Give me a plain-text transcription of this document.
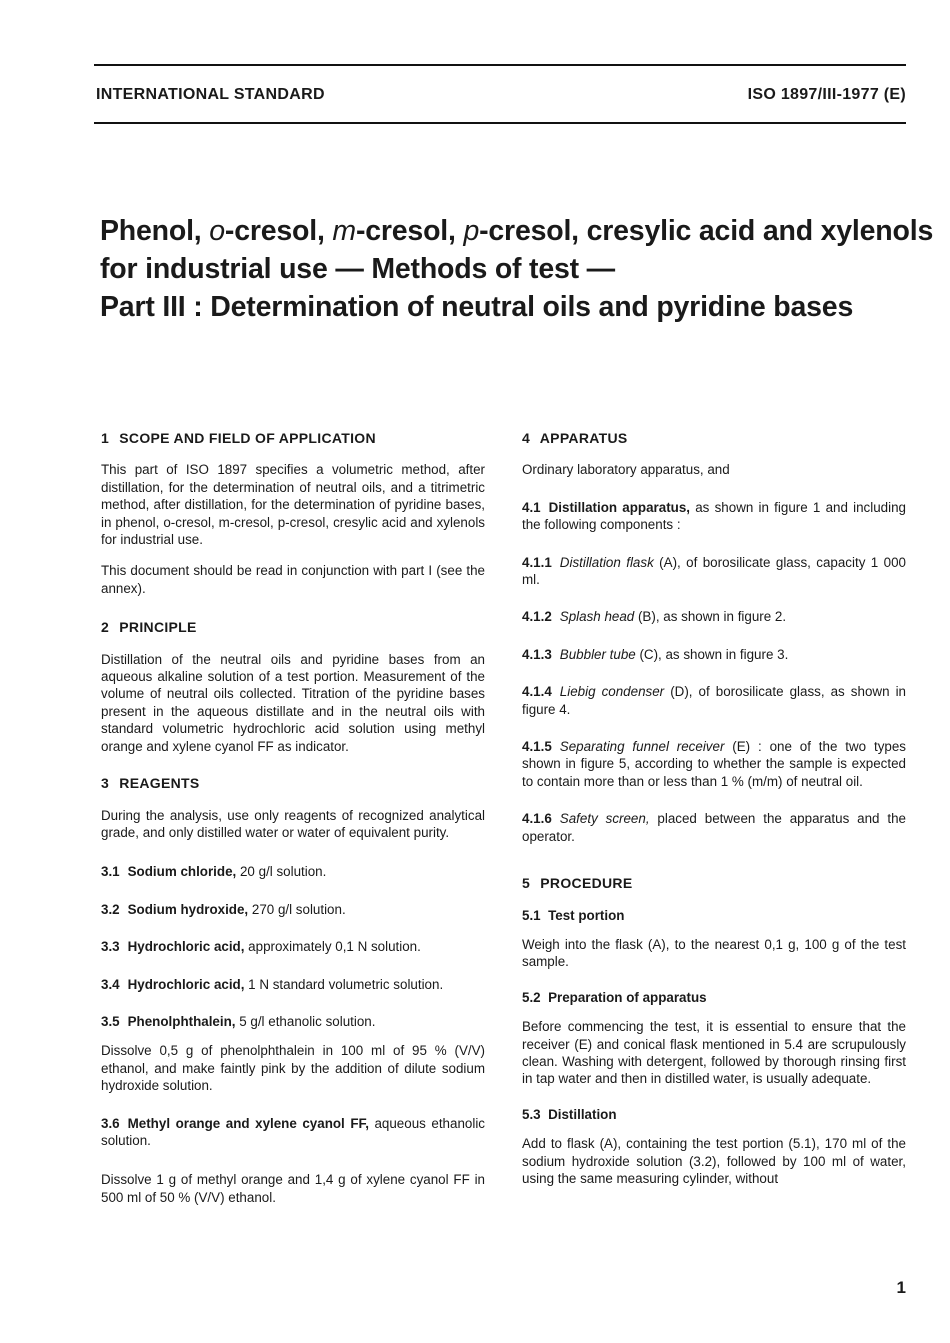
INTERNATIONAL STANDARD	ISO 1897/III-1977 (E)
Phenol, o-cresol, m-cresol, p-cresol, cresylic acid and xylenols
for industrial use — Methods of test —
Part III : Determination of neutral oils and pyridine bases
1 SCOPE AND FIELD OF APPLICATION

This part of ISO 1897 specifies a volumetric method, after distillation, for the determination of neutral oils, and a titrimetric method, after distillation, for the determination of pyridine bases, in phenol, o-cresol, m-cresol, p-cresol, cresylic acid and xylenols for industrial use.

This document should be read in conjunction with part I (see the annex).

2 PRINCIPLE

Distillation of the neutral oils and pyridine bases from an aqueous alkaline solution of a test portion. Measurement of the volume of neutral oils collected. Titration of the pyridine bases present in the aqueous distillate and in the neutral oils with standard volumetric hydrochloric acid solution using methyl orange and xylene cyanol FF as indicator.

3 REAGENTS

During the analysis, use only reagents of recognized analytical grade, and only distilled water or water of equivalent purity.

3.1 Sodium chloride, 20 g/l solution.
3.2 Sodium hydroxide, 270 g/l solution.
3.3 Hydrochloric acid, approximately 0,1 N solution.
3.4 Hydrochloric acid, 1 N standard volumetric solution.
3.5 Phenolphthalein, 5 g/l ethanolic solution.

Dissolve 0,5 g of phenolphthalein in 100 ml of 95 % (V/V) ethanol, and make faintly pink by the addition of dilute sodium hydroxide solution.

3.6 Methyl orange and xylene cyanol FF, aqueous ethanolic solution.

Dissolve 1 g of methyl orange and 1,4 g of xylene cyanol FF in 500 ml of 50 % (V/V) ethanol.

4 APPARATUS

Ordinary laboratory apparatus, and

4.1 Distillation apparatus, as shown in figure 1 and including the following components :
4.1.1 Distillation flask (A), of borosilicate glass, capacity 1 000 ml.
4.1.2 Splash head (B), as shown in figure 2.
4.1.3 Bubbler tube (C), as shown in figure 3.
4.1.4 Liebig condenser (D), of borosilicate glass, as shown in figure 4.
4.1.5 Separating funnel receiver (E) : one of the two types shown in figure 5, according to whether the sample is expected to contain more than or less than 1 % (m/m) of neutral oil.
4.1.6 Safety screen, placed between the apparatus and the operator.
5 PROCEDURE
5.1 Test portion

Weigh into the flask (A), to the nearest 0,1 g, 100 g of the test sample.

5.2 Preparation of apparatus

Before commencing the test, it is essential to ensure that the receiver (E) and conical flask mentioned in 5.4 are scrupulously clean. Washing with detergent, followed by thorough rinsing first in tap water and then in distilled water, is usually adequate.

5.3 Distillation

Add to flask (A), containing the test portion (5.1), 170 ml of the sodium hydroxide solution (3.2), followed by 100 ml of water, using the same measuring cylinder, without

1
